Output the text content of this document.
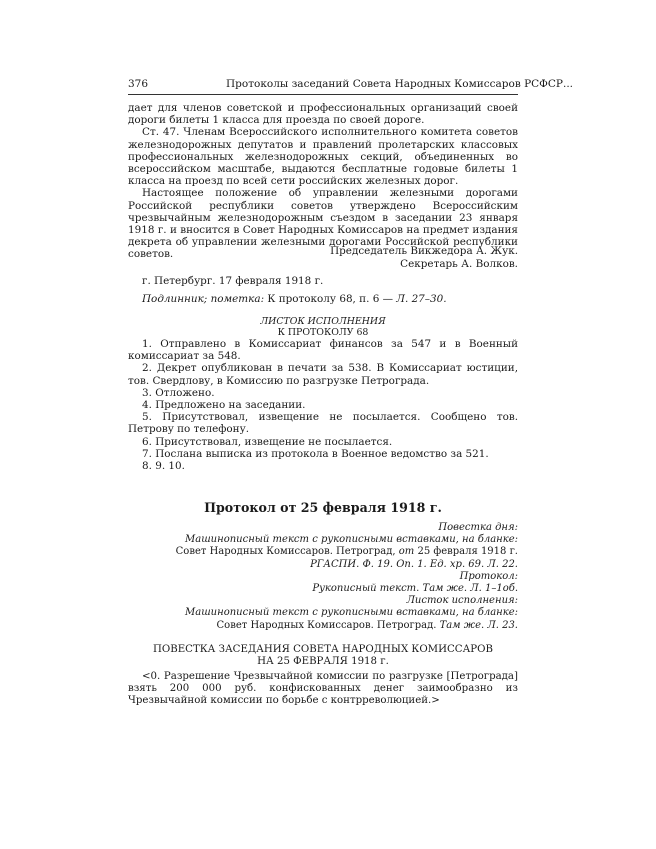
376	Протоколы заседаний Совета Народных Комиссаров РСФСР...

дает для членов советской и профессиональных организаций своей дороги билеты 1 класса для проезда по своей дороге.

Ст. 47. Членам Всероссийского исполнительного комитета советов железнодорожных депутатов и правлений пролетарских классовых профессиональных железнодорожных секций, объединенных во всероссийском масштабе, выдаются бесплатные годовые билеты 1 класса на проезд по всей сети российских железных дорог.

Настоящее положение об управлении железными дорогами Российской республики советов утверждено Всероссийским чрезвычайным железнодорожным съездом в заседании 23 января 1918 г. и вносится в Совет Народных Комиссаров на предмет издания декрета об управлении железными дорогами Российской республики советов.	Председатель Викжедора А. Жук.
Секретарь А. Волков.

г. Петербург. 17 февраля 1918 г.

Подлинник; пометка: К протоколу 68, п. 6 — Л. 27–30.

ЛИСТОК ИСПОЛНЕНИЯ
К ПРОТОКОЛУ 68

1. Отправлено в Комиссариат финансов за 547 и в Военный комиссариат за 548.

2. Декрет опубликован в печати за 538. В Комиссариат юстиции, тов. Свердлову, в Комиссию по разгрузке Петрограда.

3. Отложено.

4. Предложено на заседании.

5. Присутствовал, извещение не посылается. Сообщено тов. Петрову по телефону.

6. Присутствовал, извещение не посылается.

7. Послана выписка из протокола в Военное ведомство за 521.

8. 9. 10.

Протокол от 25 февраля 1918 г.
Повестка дня:
Машинописный текст с рукописными вставками, на бланке:
Совет Народных Комиссаров. Петроград, от 25 февраля 1918 г.
РГАСПИ. Ф. 19. Оп. 1. Ед. хр. 69. Л. 22.
Протокол:
Рукописный текст. Там же. Л. 1–1об.
Листок исполнения:
Машинописный текст с рукописными вставками, на бланке:
Совет Народных Комиссаров. Петроград. Там же. Л. 23.
ПОВЕСТКА ЗАСЕДАНИЯ СОВЕТА НАРОДНЫХ КОМИССАРОВ
НА 25 ФЕВРАЛЯ 1918 г.

<0. Разрешение Чрезвычайной комиссии по разгрузке [Петрограда] взять 200 000 руб. конфискованных денег заимообразно из Чрезвычайной комиссии по борьбе с контрреволюцией.>
